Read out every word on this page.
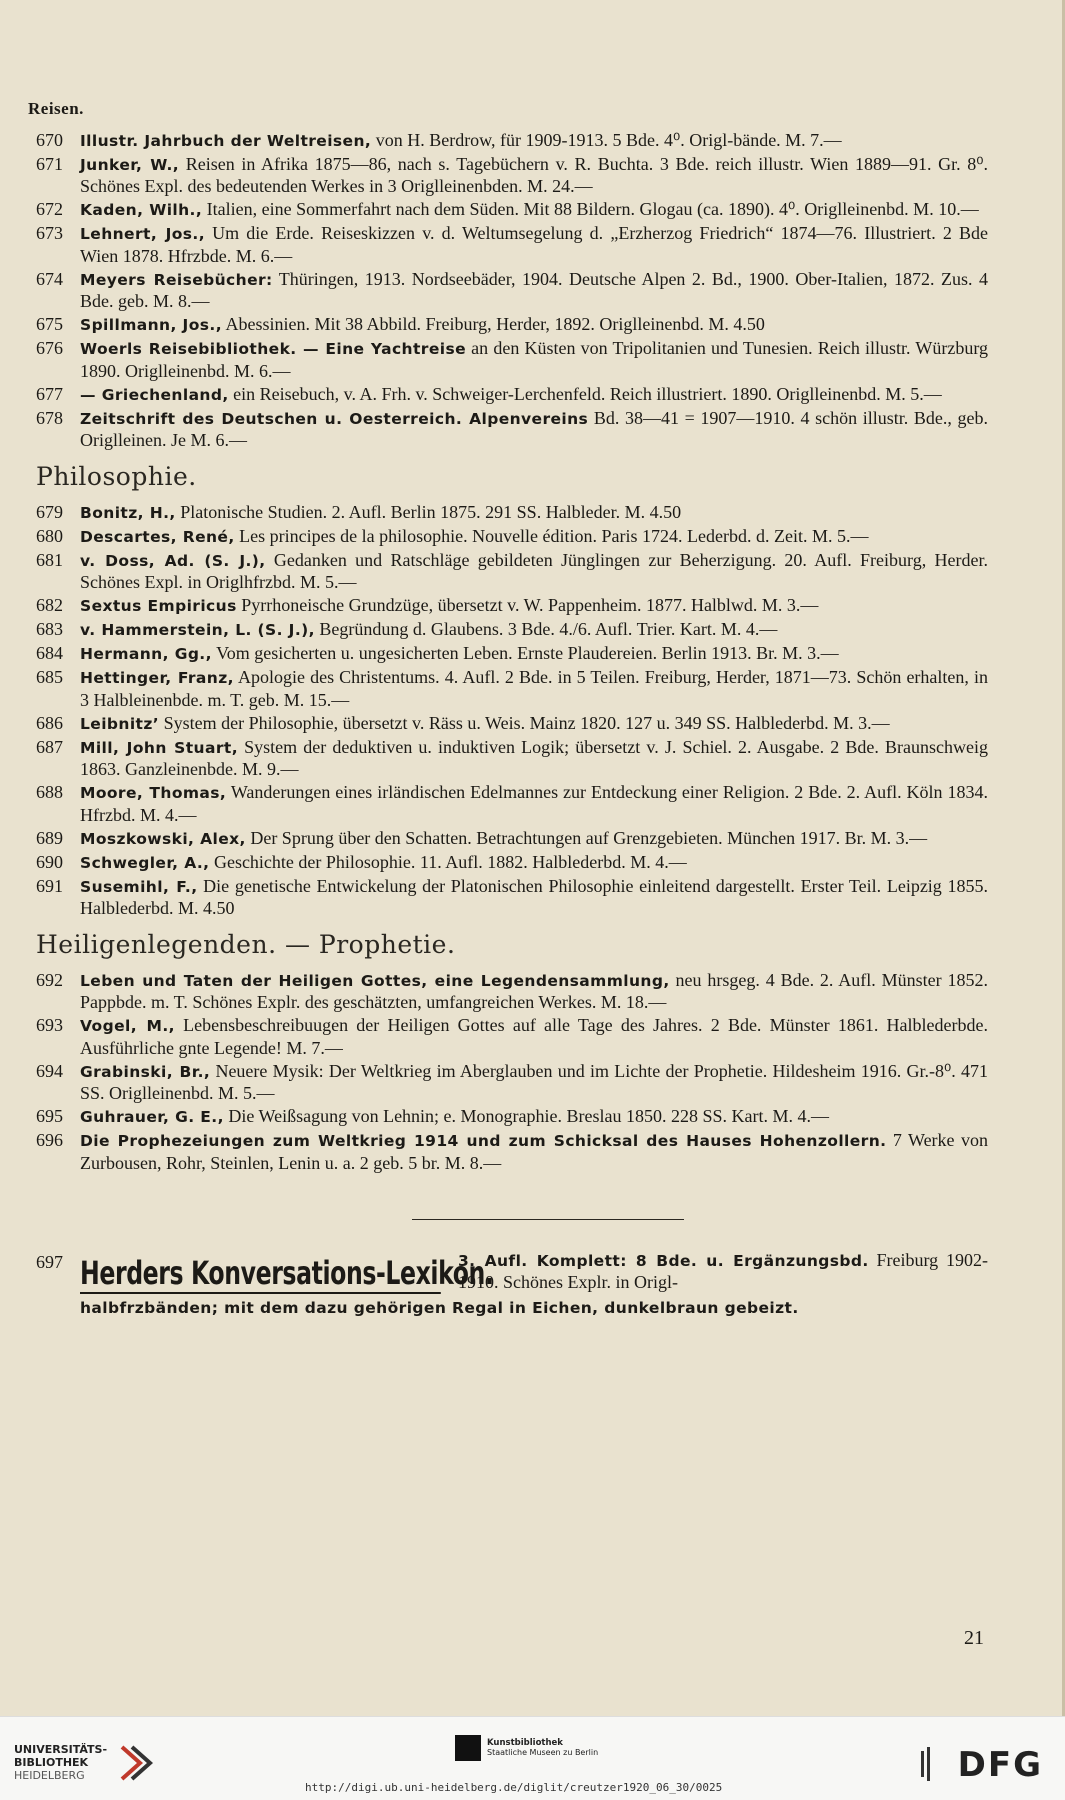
Reisen.
670	Illustr. Jahrbuch der Weltreisen, von H. Berdrow, für 1909-1913. 5 Bde. 4⁰. Origl-bände. M. 7.—
671	Junker, W., Reisen in Afrika 1875—86, nach s. Tagebüchern v. R. Buchta. 3 Bde. reich illustr. Wien 1889—91. Gr. 8⁰. Schönes Expl. des bedeutenden Werkes in 3 Origlleinenbden. M. 24.—
672	Kaden, Wilh., Italien, eine Sommerfahrt nach dem Süden. Mit 88 Bildern. Glogau (ca. 1890). 4⁰. Origlleinenbd. M. 10.—
673	Lehnert, Jos., Um die Erde. Reiseskizzen v. d. Weltumsegelung d. „Erzherzog Friedrich“ 1874—76. Illustriert. 2 Bde Wien 1878. Hfrzbde. M. 6.—
674	Meyers Reisebücher: Thüringen, 1913. Nordseebäder, 1904. Deutsche Alpen 2. Bd., 1900. Ober-Italien, 1872. Zus. 4 Bde. geb. M. 8.—
675	Spillmann, Jos., Abessinien. Mit 38 Abbild. Freiburg, Herder, 1892. Origlleinenbd. M. 4.50
676	Woerls Reisebibliothek. — Eine Yachtreise an den Küsten von Tripolitanien und Tunesien. Reich illustr. Würzburg 1890. Origlleinenbd. M. 6.—
677	— Griechenland, ein Reisebuch, v. A. Frh. v. Schweiger-Lerchenfeld. Reich illustriert. 1890. Origlleinenbd. M. 5.—
678	Zeitschrift des Deutschen u. Oesterreich. Alpenvereins Bd. 38—41 = 1907—1910. 4 schön illustr. Bde., geb. Origlleinen. Je M. 6.—
Philosophie.
679	Bonitz, H., Platonische Studien. 2. Aufl. Berlin 1875. 291 SS. Halbleder. M. 4.50
680	Descartes, René, Les principes de la philosophie. Nouvelle édition. Paris 1724. Lederbd. d. Zeit. M. 5.—
681	v. Doss, Ad. (S. J.), Gedanken und Ratschläge gebildeten Jünglingen zur Beherzigung. 20. Aufl. Freiburg, Herder. Schönes Expl. in Origlhfrzbd. M. 5.—
682	Sextus Empiricus Pyrrhoneische Grundzüge, übersetzt v. W. Pappenheim. 1877. Halblwd. M. 3.—
683	v. Hammerstein, L. (S. J.), Begründung d. Glaubens. 3 Bde. 4./6. Aufl. Trier. Kart. M. 4.—
684	Hermann, Gg., Vom gesicherten u. ungesicherten Leben. Ernste Plaudereien. Berlin 1913. Br. M. 3.—
685	Hettinger, Franz, Apologie des Christentums. 4. Aufl. 2 Bde. in 5 Teilen. Freiburg, Herder, 1871—73. Schön erhalten, in 3 Halbleinenbde. m. T. geb. M. 15.—
686	Leibnitz’ System der Philosophie, übersetzt v. Räss u. Weis. Mainz 1820. 127 u. 349 SS. Halblederbd. M. 3.—
687	Mill, John Stuart, System der deduktiven u. induktiven Logik; übersetzt v. J. Schiel. 2. Ausgabe. 2 Bde. Braunschweig 1863. Ganzleinenbde. M. 9.—
688	Moore, Thomas, Wanderungen eines irländischen Edelmannes zur Entdeckung einer Religion. 2 Bde. 2. Aufl. Köln 1834. Hfrzbd. M. 4.—
689	Moszkowski, Alex, Der Sprung über den Schatten. Betrachtungen auf Grenzgebieten. München 1917. Br. M. 3.—
690	Schwegler, A., Geschichte der Philosophie. 11. Aufl. 1882. Halblederbd. M. 4.—
691	Susemihl, F., Die genetische Entwickelung der Platonischen Philosophie einleitend dargestellt. Erster Teil. Leipzig 1855. Halblederbd. M. 4.50
Heiligenlegenden. — Prophetie.
692	Leben und Taten der Heiligen Gottes, eine Legendensammlung, neu hrsgeg. 4 Bde. 2. Aufl. Münster 1852. Pappbde. m. T. Schönes Explr. des geschätzten, umfangreichen Werkes. M. 18.—
693	Vogel, M., Lebensbeschreibuugen der Heiligen Gottes auf alle Tage des Jahres. 2 Bde. Münster 1861. Halblederbde. Ausführliche gnte Legende! M. 7.—
694	Grabinski, Br., Neuere Mysik: Der Weltkrieg im Aberglauben und im Lichte der Prophetie. Hildesheim 1916. Gr.-8⁰. 471 SS. Origlleinenbd. M. 5.—
695	Guhrauer, G. E., Die Weißsagung von Lehnin; e. Monographie. Breslau 1850. 228 SS. Kart. M. 4.—
696	Die Prophezeiungen zum Weltkrieg 1914 und zum Schicksal des Hauses Hohenzollern. 7 Werke von Zurbousen, Rohr, Steinlen, Lenin u. a. 2 geb. 5 br. M. 8.—
697 Herders Konversations-Lexikon.
3. Aufl. Komplett: 8 Bde. u. Ergänzungsbd. Freiburg 1902-1910. Schönes Explr. in Origl-
halbfrzbänden; mit dem dazu gehörigen Regal in Eichen, dunkelbraun gebeizt.
21
UNIVERSITÄTS-
BIBLIOTHEK
HEIDELBERG
Kunstbibliothek
Staatliche Museen zu Berlin	DFG
http://digi.ub.uni-heidelberg.de/diglit/creutzer1920_06_30/0025
